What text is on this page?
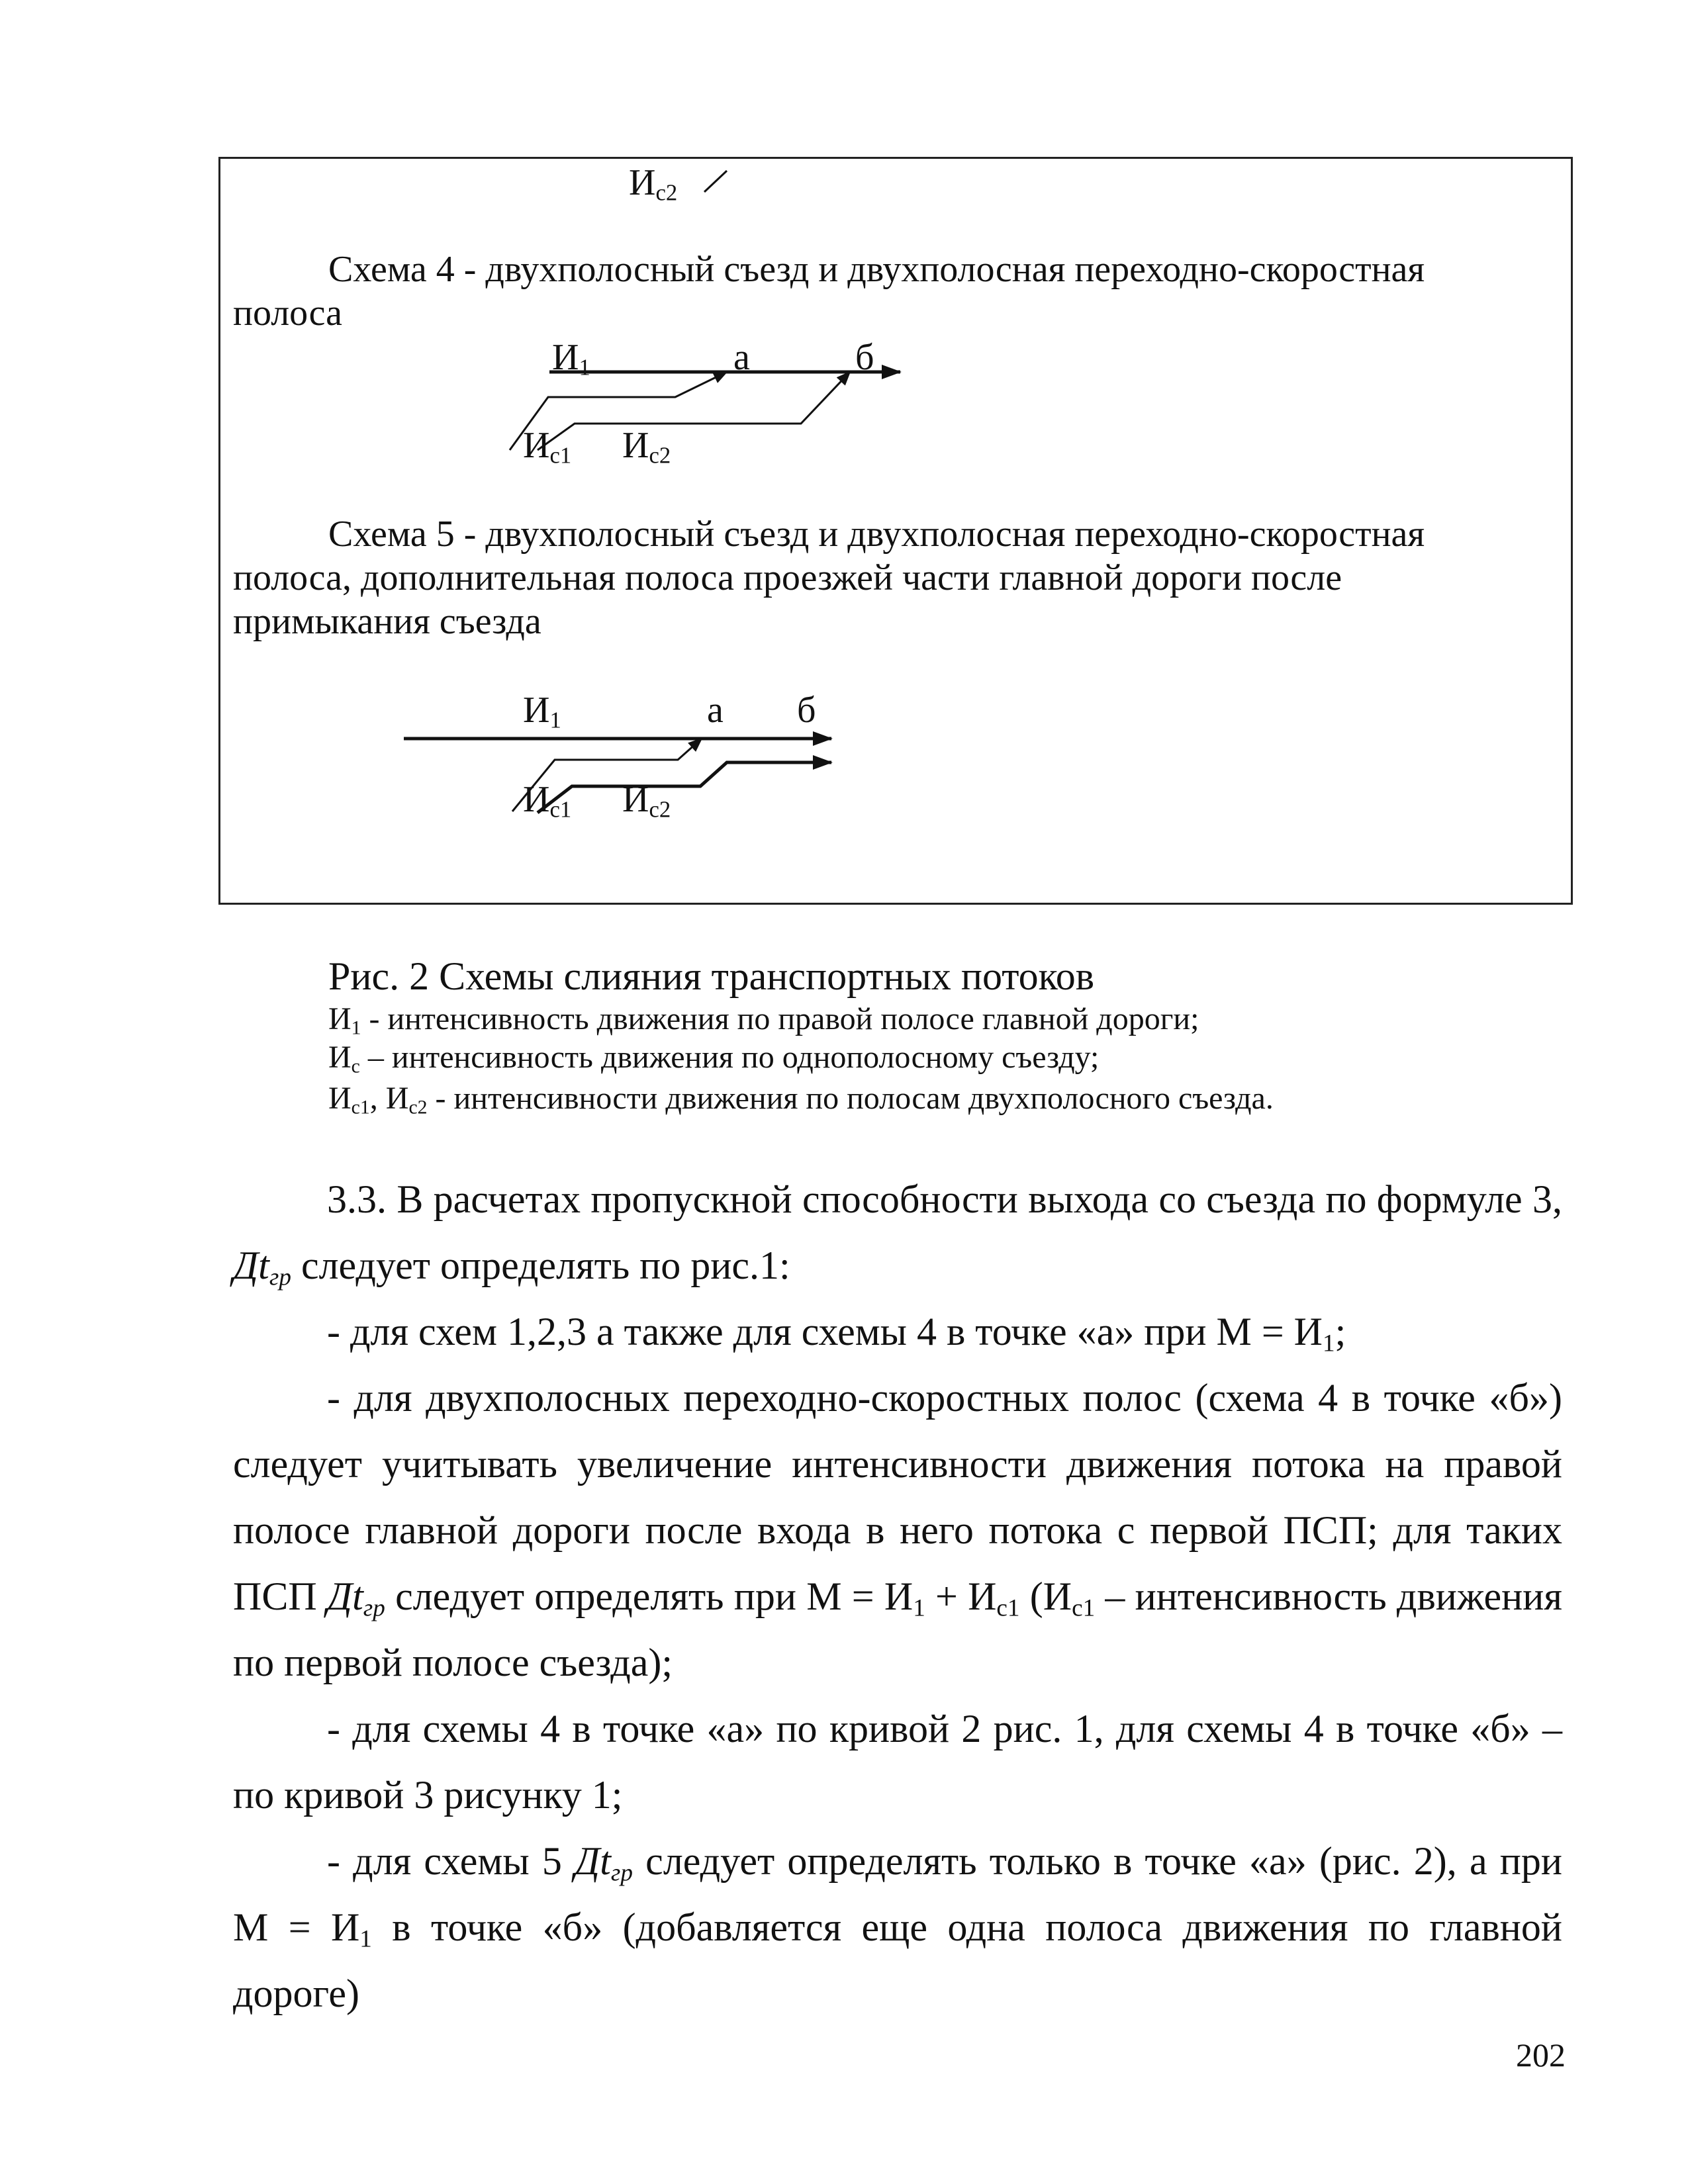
$И_{с2}$
Схема 4 - двухполосный съезд и двухполосная переходно-скоростная
полоса
$И_1$	а	б
$И_{с1}$ $И_{с2}$
Схема 5 - двухполосный съезд и двухполосная переходно-скоростная
полоса, дополнительная полоса проезжей части главной дороги после
примыкания съезда
$И_1$	а б
$И_{с1}$ $И_{с2}$
Рис. 2 Схемы слияния транспортных потоков
$И_1$ - интенсивность движения по правой полосе главной дороги;
$И_с$ – интенсивность движения по однополосному съезду;
$И_{с1}$, $И_{с2}$ - интенсивности движения по полосам двухполосного съезда.

3.3. В расчетах пропускной способности выхода со съезда по формуле 3, $Дt_{гр}$ следует определять по рис.1:

- для схем 1,2,3 а также для схемы 4 в точке «а» при $М = И_1$;

- для двухполосных переходно-скоростных полос (схема 4 в точке «б») следует учитывать увеличение интенсивности движения потока на правой полосе главной дороги после входа в него потока с первой ПСП; для таких ПСП $Дt_{гр}$ следует определять при $М = И_1 + И_{с1}$ ($И_{с1}$ – интенсивность движения по первой полосе съезда);

- для схемы 4 в точке «а» по кривой 2 рис. 1, для схемы 4 в точке «б» – по кривой 3 рисунку 1;

- для схемы 5 $Дt_{гр}$ следует определять только в точке «а» (рис. 2), а при $М = И_1$ в точке «б» (добавляется еще одна полоса движения по главной дороге)

202
